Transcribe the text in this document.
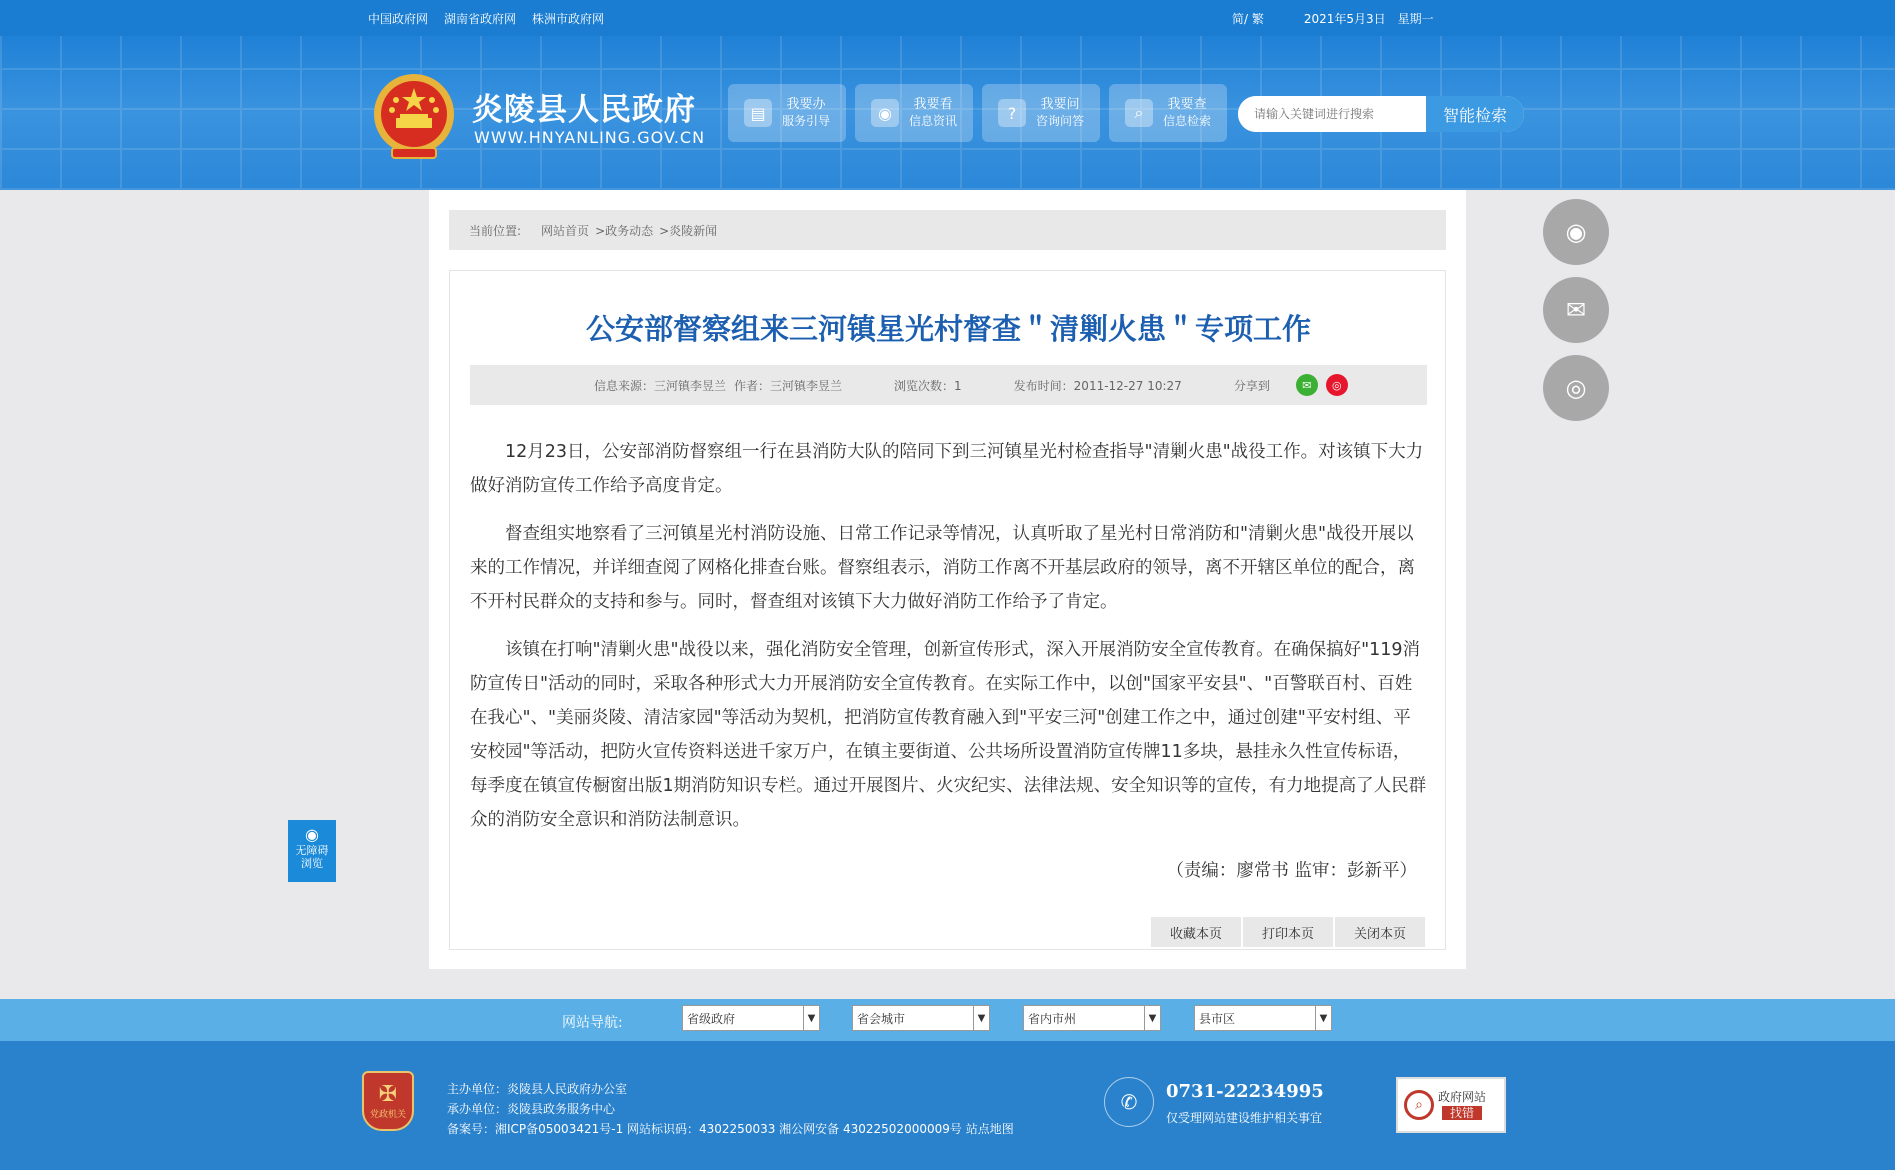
中国政府网 湖南省政府网 株洲市政府网	简/ 繁	2021年5月3日 星期一
炎陵县人民政府
WWW.HNYANLING.GOV.CN
▤	我要办
服务引导	◉	我要看
信息资讯	?	我要问
咨询问答	⌕	我要查
信息检索
请输入关键词进行搜索	智能检索
当前位置: 网站首页 >政务动态 >炎陵新闻
公安部督察组来三河镇星光村督查＂清剿火患＂专项工作
信息来源：三河镇李昱兰 作者：三河镇李昱兰	浏览次数：1	发布时间：2011-12-27 10:27	分享到	✉	◎

12月23日，公安部消防督察组一行在县消防大队的陪同下到三河镇星光村检查指导"清剿火患"战役工作。对该镇下大力做好消防宣传工作给予高度肯定。

督查组实地察看了三河镇星光村消防设施、日常工作记录等情况，认真听取了星光村日常消防和"清剿火患"战役开展以来的工作情况，并详细查阅了网格化排查台账。督察组表示，消防工作离不开基层政府的领导，离不开辖区单位的配合，离不开村民群众的支持和参与。同时，督查组对该镇下大力做好消防工作给予了肯定。

该镇在打响"清剿火患"战役以来，强化消防安全管理，创新宣传形式，深入开展消防安全宣传教育。在确保搞好"119消防宣传日"活动的同时，采取各种形式大力开展消防安全宣传教育。在实际工作中，以创"国家平安县"、"百警联百村、百姓在我心"、"美丽炎陵、清洁家园"等活动为契机，把消防宣传教育融入到"平安三河"创建工作之中，通过创建"平安村组、平安校园"等活动，把防火宣传资料送进千家万户，在镇主要街道、公共场所设置消防宣传牌11多块，悬挂永久性宣传标语，每季度在镇宣传橱窗出版1期消防知识专栏。通过开展图片、火灾纪实、法律法规、安全知识等的宣传，有力地提高了人民群众的消防安全意识和消防法制意识。

（责编：廖常书 监审：彭新平）
收藏本页	打印本页	关闭本页
◉
✉
◎
◉
无障碍
浏览
网站导航:	省级政府	▼	省会城市	▼	省内市州	▼	县市区	▼
✠
党政机关
主办单位：炎陵县人民政府办公室
承办单位：炎陵县政务服务中心
备案号：湘ICP备05003421号-1 网站标识码：4302250033 湘公网安备 43022502000009号 站点地图
✆	0731-22234995
仅受理网站建设维护相关事宜
⌕	政府网站
找错
